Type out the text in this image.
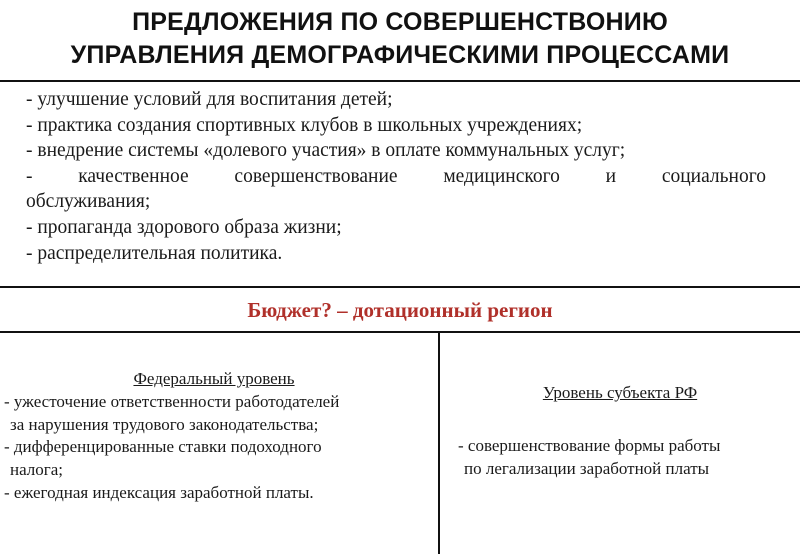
ПРЕДЛОЖЕНИЯ ПО СОВЕРШЕНСТВОНИЮ
УПРАВЛЕНИЯ ДЕМОГРАФИЧЕСКИМИ ПРОЦЕССАМИ

- улучшение условий для воспитания детей;

- практика создания спортивных клубов в школьных учреждениях;

- внедрение системы «долевого участия» в оплате коммунальных услуг;

- качественное совершенствование медицинского и социального

обслуживания;

- пропаганда здорового образа жизни;

- распределительная политика.

Бюджет? – дотационный регион
Федеральный уровень
- ужесточение ответственности работодателей
за нарушения трудового законодательства;
- дифференцированные ставки подоходного
налога;
- ежегодная индексация заработной платы.
Уровень субъекта РФ
- совершенствование формы работы
по легализации заработной платы
